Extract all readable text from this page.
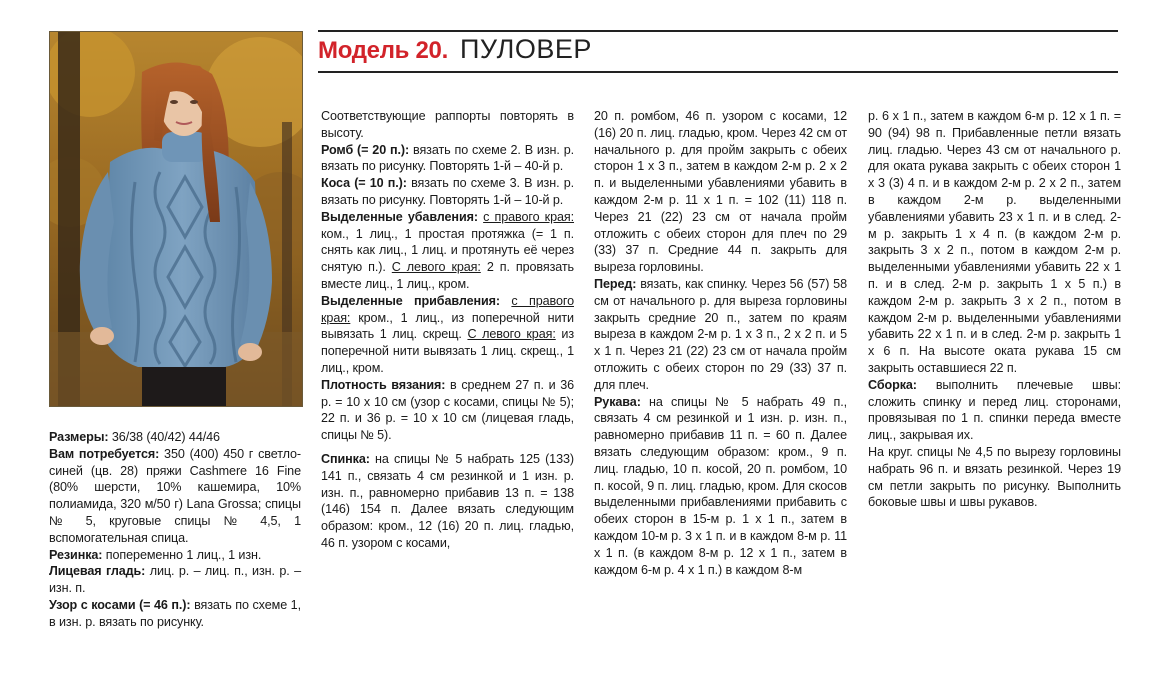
Модель 20. ПУЛОВЕР

Размеры: 36/38 (40/42) 44/46

Вам потребуется: 350 (400) 450 г светло-синей (цв. 28) пряжи Cashmere 16 Fine (80% шерсти, 10% кашемира, 10% полиамида, 320 м/50 г) Lana Grossa; спицы № 5, круговые спицы № 4,5, 1 вспомогательная спица.

Резинка: попеременно 1 лиц., 1 изн.

Лицевая гладь: лиц. р. – лиц. п., изн. р. – изн. п.

Узор с косами (= 46 п.): вязать по схеме 1, в изн. р. вязать по рисунку.

Соответствующие раппорты повторять в высоту.

Ромб (= 20 п.): вязать по схеме 2. В изн. р. вязать по рисунку. Повторять 1-й – 40-й р.

Коса (= 10 п.): вязать по схеме 3. В изн. р. вязать по рисунку. Повторять 1-й – 10-й р.

Выделенные убавления: с правого края: ком., 1 лиц., 1 простая протяжка (= 1 п. снять как лиц., 1 лиц. и протянуть её через снятую п.). С левого края: 2 п. провязать вместе лиц., 1 лиц., кром.

Выделенные прибавления: с правого края: кром., 1 лиц., из поперечной нити вывязать 1 лиц. скрещ. С левого края: из поперечной нити вывязать 1 лиц. скрещ., 1 лиц., кром.

Плотность вязания: в среднем 27 п. и 36 р. = 10 х 10 см (узор с косами, спицы № 5); 22 п. и 36 р. = 10 х 10 см (лицевая гладь, спицы № 5).

Спинка: на спицы № 5 набрать 125 (133) 141 п., связать 4 см резинкой и 1 изн. р. изн. п., равномерно прибавив 13 п. = 138 (146) 154 п. Далее вязать следующим образом: кром., 12 (16) 20 п. лиц. гладью, 46 п. узором с косами,

20 п. ромбом, 46 п. узором с косами, 12 (16) 20 п. лиц. гладью, кром. Через 42 см от начального р. для пройм закрыть с обеих сторон 1 х 3 п., затем в каждом 2-м р. 2 х 2 п. и выделенными убавлениями убавить в каждом 2-м р. 11 х 1 п. = 102 (11) 118 п. Через 21 (22) 23 см от начала пройм отложить с обеих сторон для плеч по 29 (33) 37 п. Средние 44 п. закрыть для выреза горловины.

Перед: вязать, как спинку. Через 56 (57) 58 см от начального р. для выреза горловины закрыть средние 20 п., затем по краям выреза в каждом 2-м р. 1 х 3 п., 2 х 2 п. и 5 х 1 п. Через 21 (22) 23 см от начала пройм отложить с обеих сторон по 29 (33) 37 п. для плеч.

Рукава: на спицы № 5 набрать 49 п., связать 4 см резинкой и 1 изн. р. изн. п., равномерно прибавив 11 п. = 60 п. Далее вязать следующим образом: кром., 9 п. лиц. гладью, 10 п. косой, 20 п. ромбом, 10 п. косой, 9 п. лиц. гладью, кром. Для скосов выделенными прибавлениями прибавить с обеих сторон в 15-м р. 1 х 1 п., затем в каждом 10-м р. 3 х 1 п. и в каждом 8-м р. 11 х 1 п. (в каждом 8-м р. 12 х 1 п., затем в каждом 6-м р. 4 х 1 п.) в каждом 8-м

р. 6 х 1 п., затем в каждом 6-м р. 12 х 1 п. = 90 (94) 98 п. Прибавленные петли вязать лиц. гладью. Через 43 см от начального р. для оката рукава закрыть с обеих сторон 1 х 3 (3) 4 п. и в каждом 2-м р. 2 х 2 п., затем в каждом 2-м р. выделенными убавлениями убавить 23 х 1 п. и в след. 2-м р. закрыть 1 х 4 п. (в каждом 2-м р. закрыть 3 х 2 п., потом в каждом 2-м р. выделенными убавлениями убавить 22 х 1 п. и в след. 2-м р. закрыть 1 х 5 п.) в каждом 2-м р. закрыть 3 х 2 п., потом в каждом 2-м р. выделенными убавлениями убавить 22 х 1 п. и в след. 2-м р. закрыть 1 х 6 п. На высоте оката рукава 15 см закрыть оставшиеся 22 п.

Сборка: выполнить плечевые швы: сложить спинку и перед лиц. сторонами, провязывая по 1 п. спинки переда вместе лиц., закрывая их.

На круг. спицы № 4,5 по вырезу горловины набрать 96 п. и вязать резинкой. Через 19 см петли закрыть по рисунку. Выполнить боковые швы и швы рукавов.
